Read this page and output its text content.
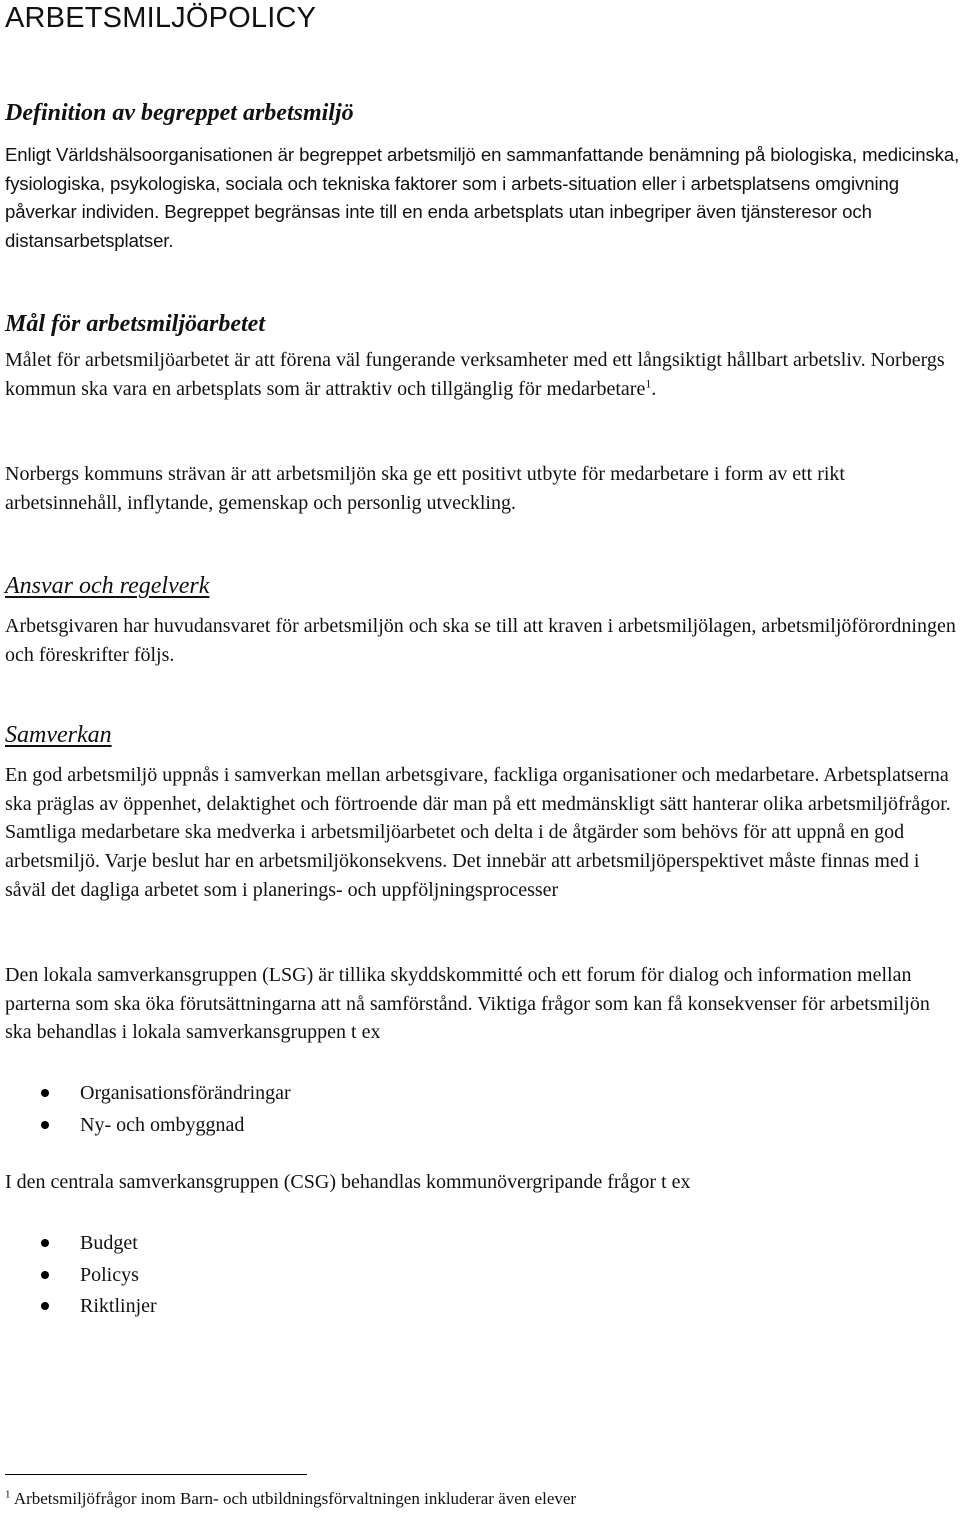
ARBETSMILJÖPOLICY
Definition av begreppet arbetsmiljö

Enligt Världshälsoorganisationen är begreppet arbetsmiljö en sammanfattande benämning på biologiska, medicinska, fysiologiska, psykologiska, sociala och tekniska faktorer som i arbets-situation eller i arbetsplatsens omgivning påverkar individen. Begreppet begränsas inte till en enda arbetsplats utan inbegriper även tjänsteresor och distansarbetsplatser.

Mål för arbetsmiljöarbetet

Målet för arbetsmiljöarbetet är att förena väl fungerande verksamheter med ett långsiktigt hållbart arbetsliv. Norbergs kommun ska vara en arbetsplats som är attraktiv och tillgänglig för medarbetare$^1$.

Norbergs kommuns strävan är att arbetsmiljön ska ge ett positivt utbyte för medarbetare i form av ett rikt arbetsinnehåll, inflytande, gemenskap och personlig utveckling.

Ansvar och regelverk

Arbetsgivaren har huvudansvaret för arbetsmiljön och ska se till att kraven i arbetsmiljölagen, arbetsmiljöförordningen och föreskrifter följs.

Samverkan

En god arbetsmiljö uppnås i samverkan mellan arbetsgivare, fackliga organisationer och medarbetare. Arbetsplatserna ska präglas av öppenhet, delaktighet och förtroende där man på ett medmänskligt sätt hanterar olika arbetsmiljöfrågor. Samtliga medarbetare ska medverka i arbetsmiljöarbetet och delta i de åtgärder som behövs för att uppnå en god arbetsmiljö. Varje beslut har en arbetsmiljökonsekvens. Det innebär att arbetsmiljöperspektivet måste finnas med i såväl det dagliga arbetet som i planerings- och uppföljningsprocesser

Den lokala samverkansgruppen (LSG) är tillika skyddskommitté och ett forum för dialog och information mellan parterna som ska öka förutsättningarna att nå samförstånd. Viktiga frågor som kan få konsekvenser för arbetsmiljön ska behandlas i lokala samverkansgruppen t ex

Organisationsförändringar
Ny- och ombyggnad

I den centrala samverkansgruppen (CSG) behandlas kommunövergripande frågor t ex

Budget
Policys
Riktlinjer
$^1$ Arbetsmiljöfrågor inom Barn- och utbildningsförvaltningen inkluderar även elever
